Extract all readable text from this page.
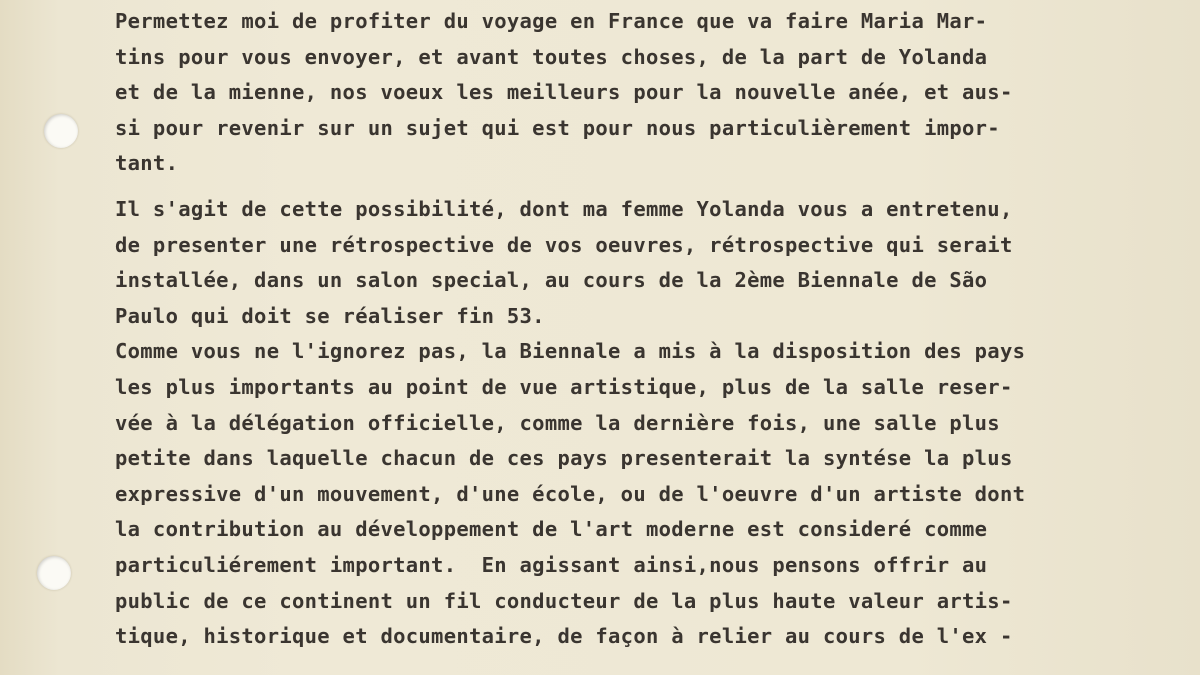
Permettez moi de profiter du voyage en France que va faire Maria Mar-
tins pour vous envoyer, et avant toutes choses, de la part de Yolanda
et de la mienne, nos voeux les meilleurs pour la nouvelle anée, et aus-
si pour revenir sur un sujet qui est pour nous particulièrement impor-
tant.
Il s'agit de cette possibilité, dont ma femme Yolanda vous a entretenu,
de presenter une rétrospective de vos oeuvres, rétrospective qui serait
installée, dans un salon special, au cours de la 2ème Biennale de São
Paulo qui doit se réaliser fin 53.
Comme vous ne l'ignorez pas, la Biennale a mis à la disposition des pays
les plus importants au point de vue artistique, plus de la salle reser-
vée à la délégation officielle, comme la dernière fois, une salle plus
petite dans laquelle chacun de ces pays presenterait la syntése la plus
expressive d'un mouvement, d'une école, ou de l'oeuvre d'un artiste dont
la contribution au développement de l'art moderne est consideré comme
particuliérement important.  En agissant ainsi,nous pensons offrir au
public de ce continent un fil conducteur de la plus haute valeur artis-
tique, historique et documentaire, de façon à relier au cours de l'ex -
